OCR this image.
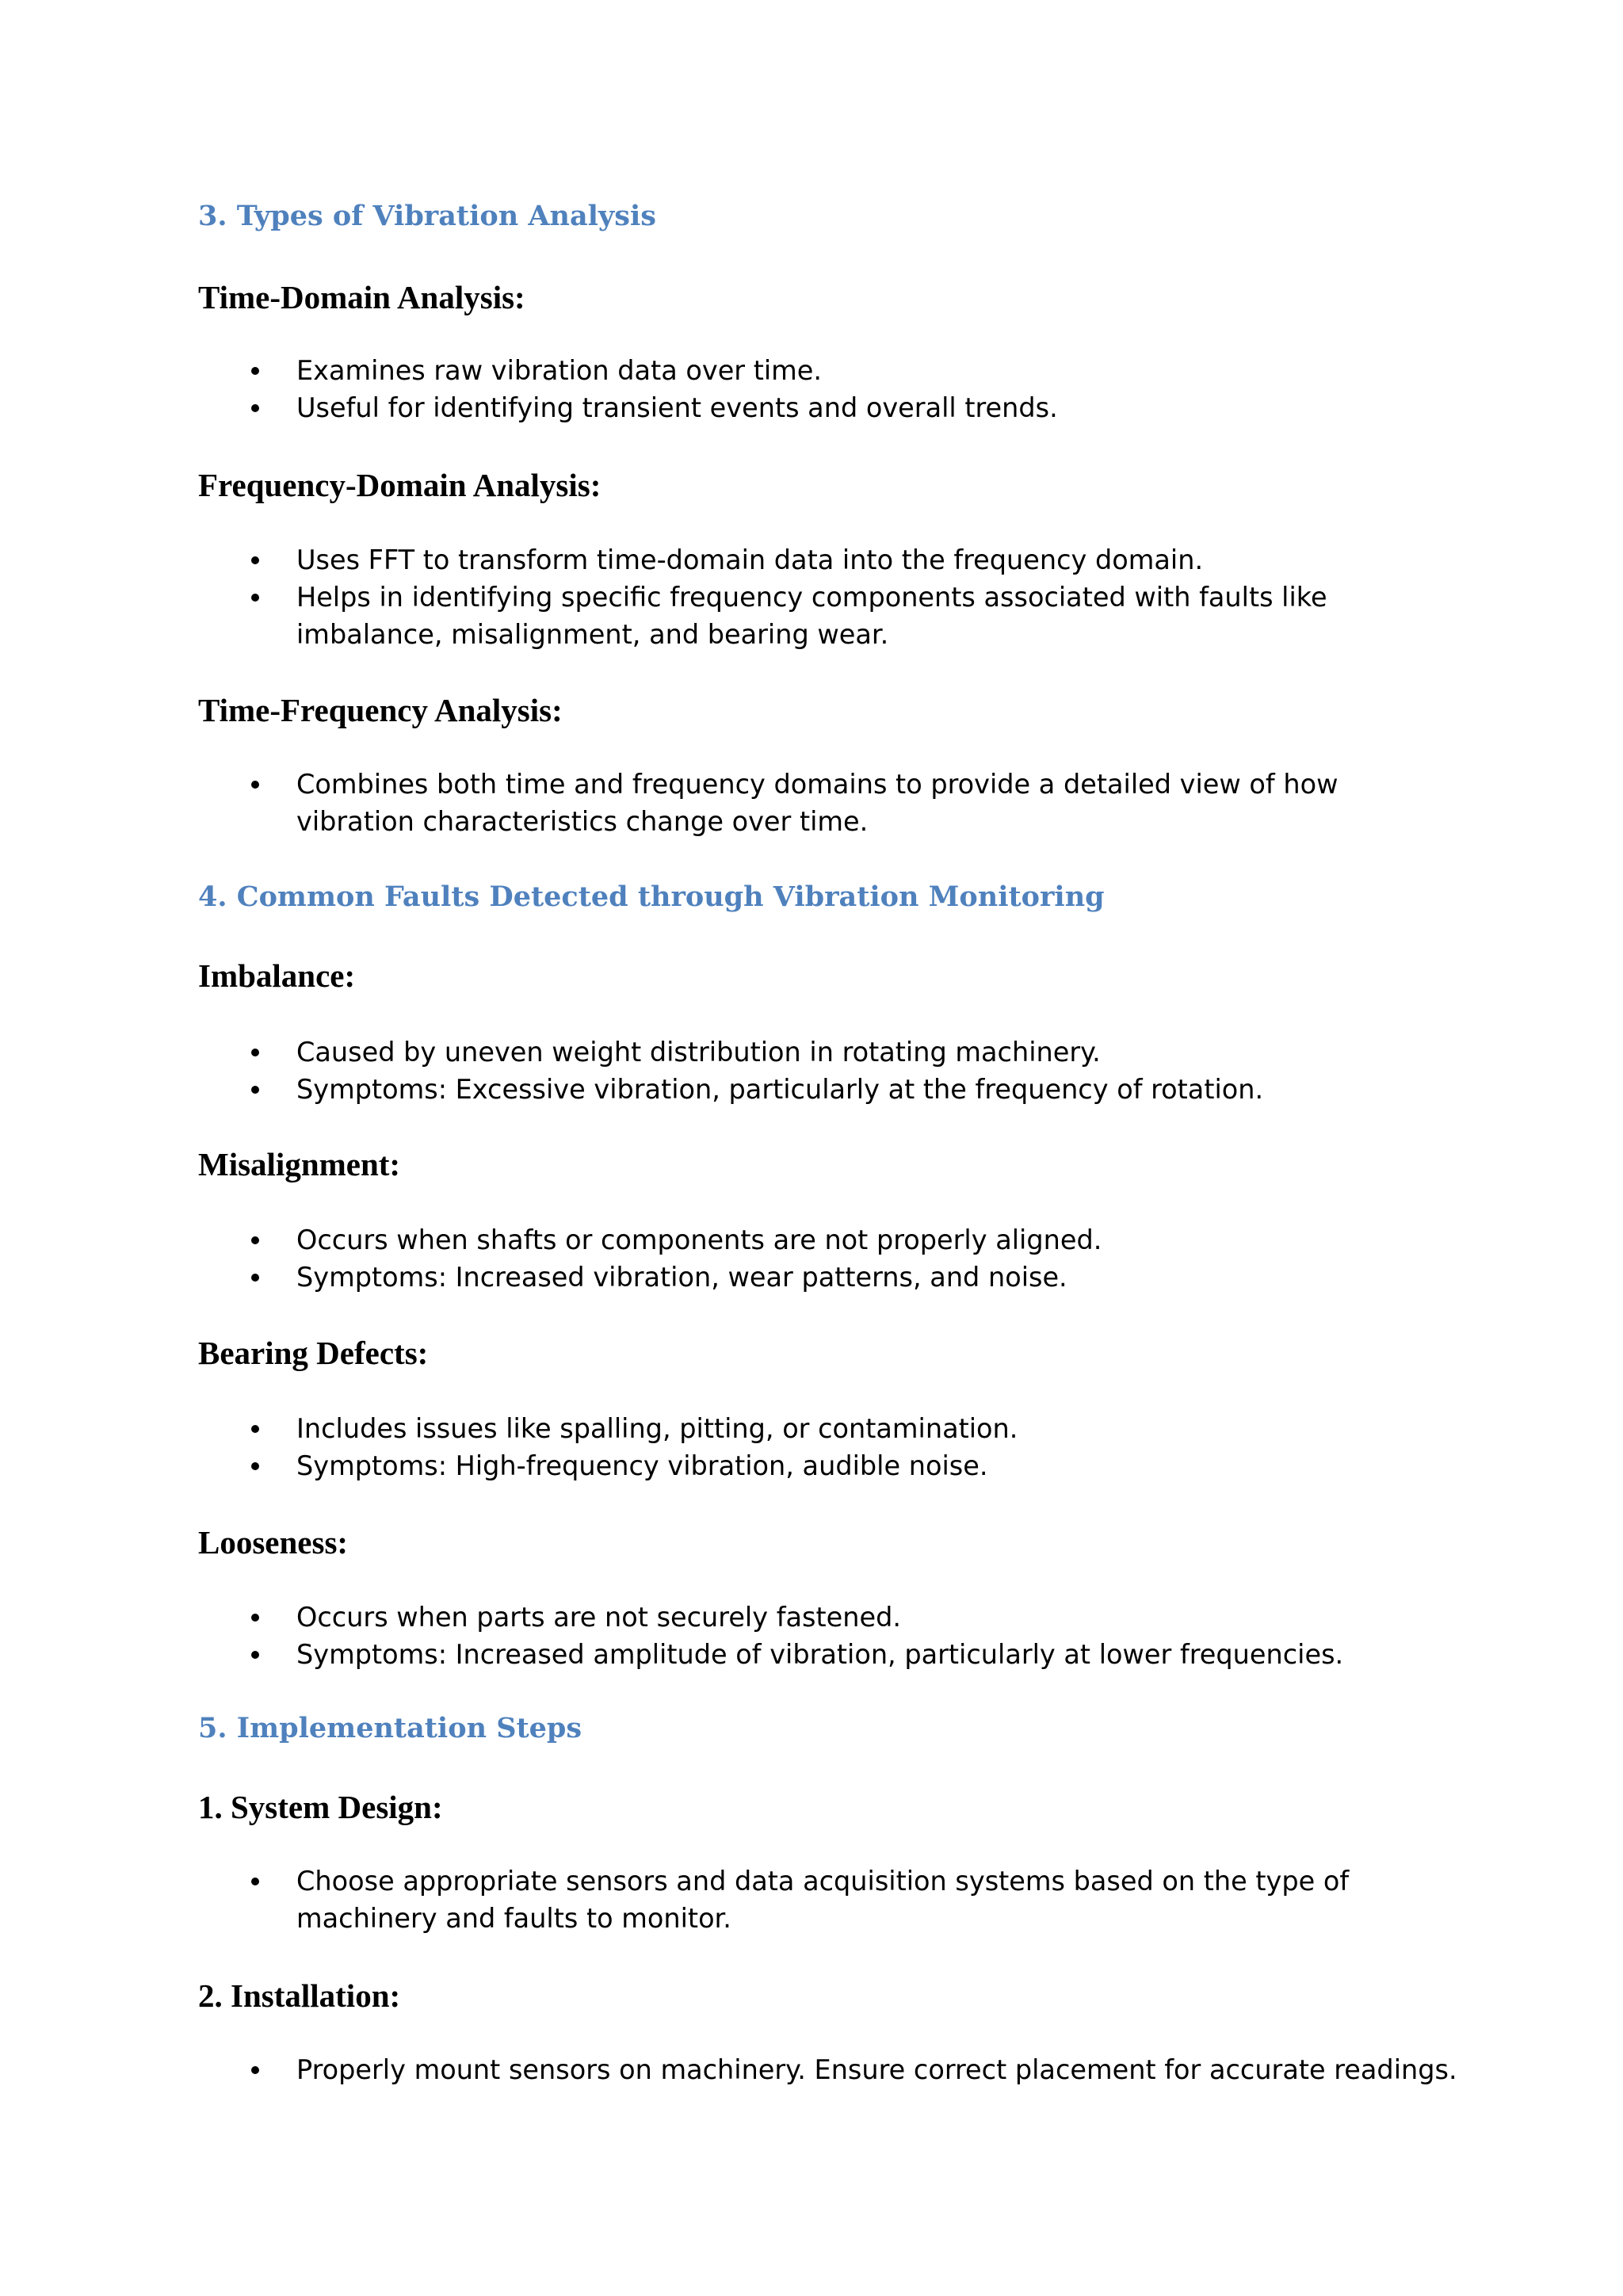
3. Types of Vibration Analysis
Time-Domain Analysis:
Examines raw vibration data over time.
Useful for identifying transient events and overall trends.
Frequency-Domain Analysis:
Uses FFT to transform time-domain data into the frequency domain.
Helps in identifying specific frequency components associated with faults like imbalance, misalignment, and bearing wear.
Time-Frequency Analysis:
Combines both time and frequency domains to provide a detailed view of how vibration characteristics change over time.
4. Common Faults Detected through Vibration Monitoring
Imbalance:
Caused by uneven weight distribution in rotating machinery.
Symptoms: Excessive vibration, particularly at the frequency of rotation.
Misalignment:
Occurs when shafts or components are not properly aligned.
Symptoms: Increased vibration, wear patterns, and noise.
Bearing Defects:
Includes issues like spalling, pitting, or contamination.
Symptoms: High-frequency vibration, audible noise.
Looseness:
Occurs when parts are not securely fastened.
Symptoms: Increased amplitude of vibration, particularly at lower frequencies.
5. Implementation Steps
1. System Design:
Choose appropriate sensors and data acquisition systems based on the type of machinery and faults to monitor.
2. Installation:
Properly mount sensors on machinery. Ensure correct placement for accurate readings.
